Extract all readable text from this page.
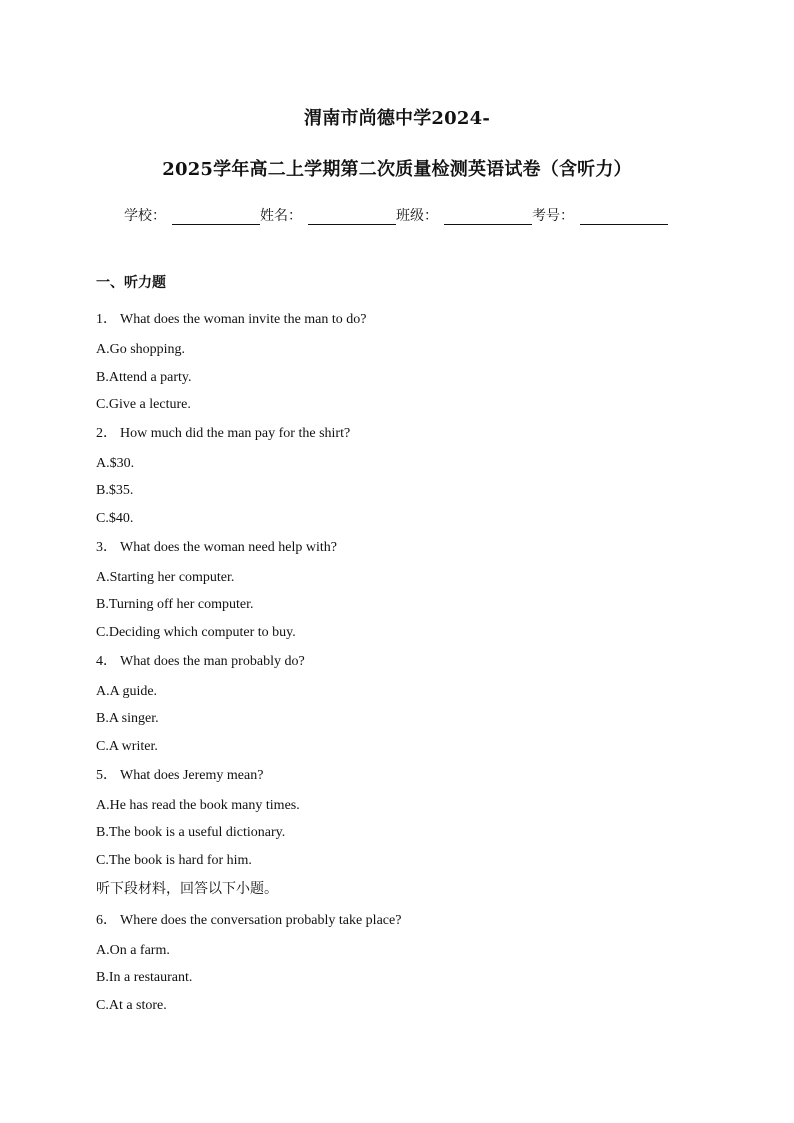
渭南市尚德中学2024-
2025学年高二上学期第二次质量检测英语试卷（含听力）
学校：	姓名：	班级：	考号：
一、听力题
1． What does the woman invite the man to do?
A.Go shopping.
B.Attend a party.
C.Give a lecture.
2． How much did the man pay for the shirt?
A.$30.
B.$35.
C.$40.
3． What does the woman need help with?
A.Starting her computer.
B.Turning off her computer.
C.Deciding which computer to buy.
4． What does the man probably do?
A.A guide.
B.A singer.
C.A writer.
5． What does Jeremy mean?
A.He has read the book many times.
B.The book is a useful dictionary.
C.The book is hard for him.
听下段材料，回答以下小题。
6． Where does the conversation probably take place?
A.On a farm.
B.In a restaurant.
C.At a store.
